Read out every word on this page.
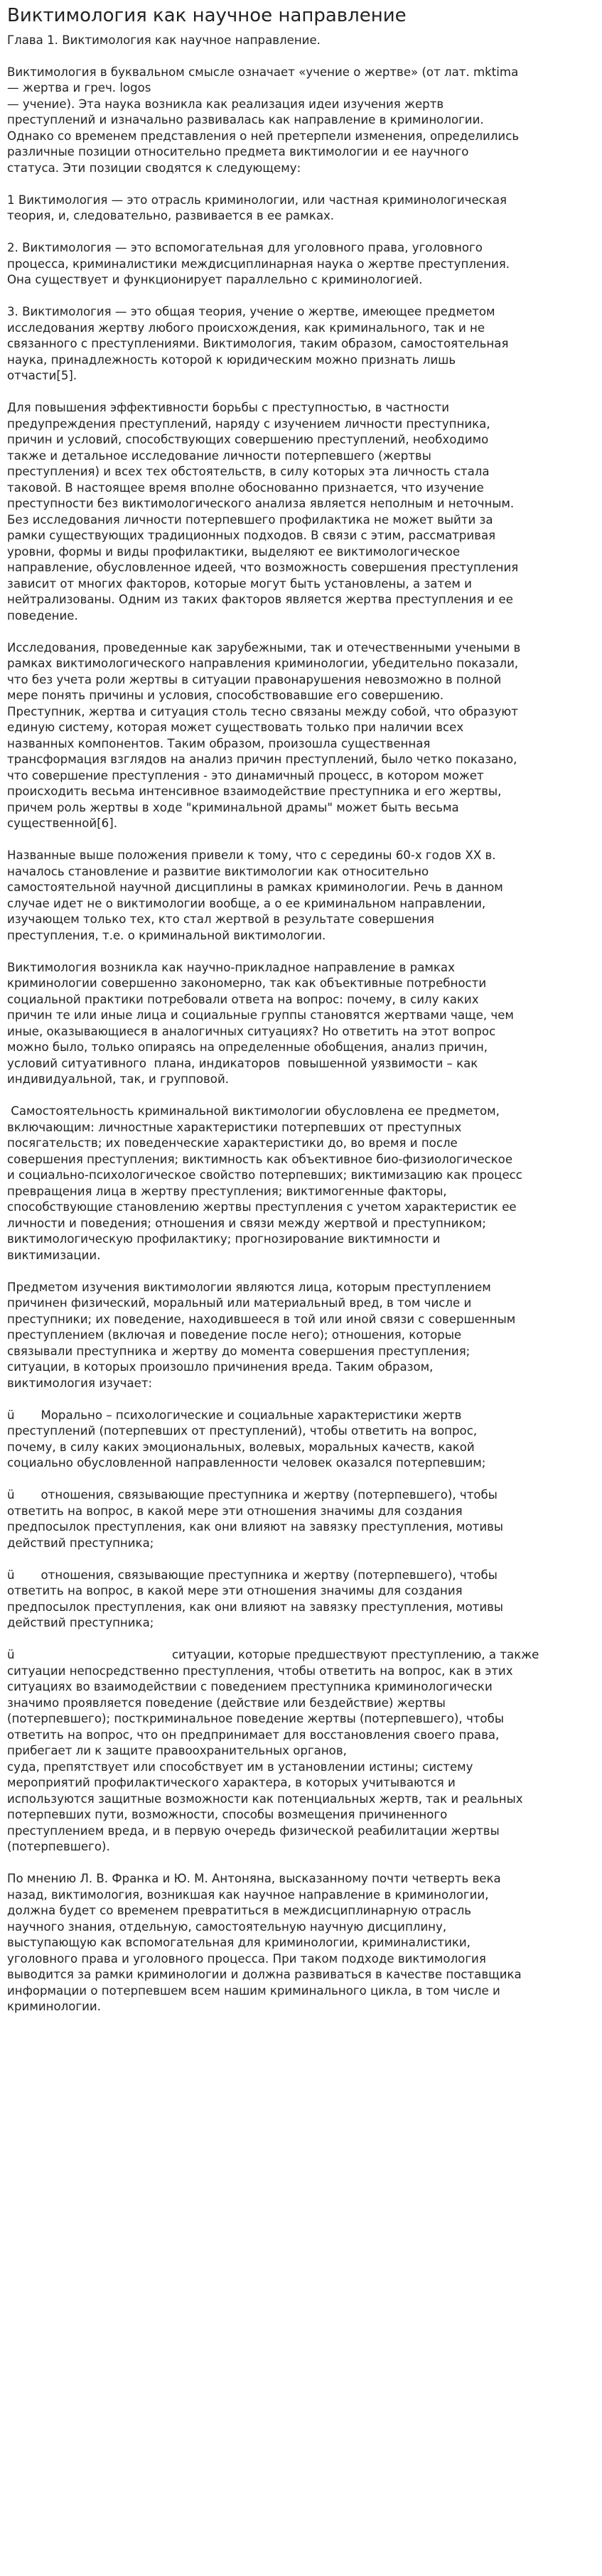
Виктимология как научное направление
Глава 1. Виктимология как научное направление.
Виктимология в буквальном смысле означает «учение о жертве» (от лат. mktima
— жертва и греч. logos
— учение). Эта наука возникла как реализация идеи изучения жертв
преступлений и изначально развивалась как направление в криминологии.
Однако со временем представления о ней претерпели изменения, определились
различные позиции относительно предмета виктимологии и ее научного
статуса. Эти позиции сводятся к следующему:
1 Виктимология — это отрасль криминологии, или частная криминологическая
теория, и, следовательно, развивается в ее рамках.
2. Виктимология — это вспомогательная для уголовного права, уголовного
процесса, криминалистики междисциплинарная наука о жертве преступления.
Она существует и функционирует параллельно с криминологией.
3. Виктимология — это общая теория, учение о жертве, имеющее предметом
исследования жертву любого происхождения, как криминального, так и не
связанного с преступлениями. Виктимология, таким образом, самостоятельная
наука, принадлежность которой к юридическим можно признать лишь
отчасти[5].
Для повышения эффективности борьбы с преступностью, в частности
предупреждения преступлений, наряду с изучением личности преступника,
причин и условий, способствующих совершению преступлений, необходимо
также и детальное исследование личности потерпевшего (жертвы
преступления) и всех тех обстоятельств, в силу которых эта личность стала
таковой. В настоящее время вполне обоснованно признается, что изучение
преступности без виктимологического анализа является неполным и неточным.
Без исследования личности потерпевшего профилактика не может выйти за
рамки существующих традиционных подходов. В связи с этим, рассматривая
уровни, формы и виды профилактики, выделяют ее виктимологическое
направление, обусловленное идеей, что возможность совершения преступления
зависит от многих факторов, которые могут быть установлены, а затем и
нейтрализованы. Одним из таких факторов является жертва преступления и ее
поведение.
Исследования, проведенные как зарубежными, так и отечественными учеными в
рамках виктимологического направления криминологии, убедительно показали,
что без учета роли жертвы в ситуации правонарушения невозможно в полной
мере понять причины и условия, способствовавшие его совершению.
Преступник, жертва и ситуация столь тесно связаны между собой, что образуют
единую систему, которая может существовать только при наличии всех
названных компонентов. Таким образом, произошла существенная
трансформация взглядов на анализ причин преступлений, было четко показано,
что совершение преступления - это динамичный процесс, в котором может
происходить весьма интенсивное взаимодействие преступника и его жертвы,
причем роль жертвы в ходе "криминальной драмы" может быть весьма
существенной[6].
Названные выше положения привели к тому, что с середины 60-х годов XX в.
началось становление и развитие виктимологии как относительно
самостоятельной научной дисциплины в рамках криминологии. Речь в данном
случае идет не о виктимологии вообще, а о ее криминальном направлении,
изучающем только тех, кто стал жертвой в результате совершения
преступления, т.е. о криминальной виктимологии.
Виктимология возникла как научно-прикладное направление в рамках
криминологии совершенно закономерно, так как объективные потребности
социальной практики потребовали ответа на вопрос: почему, в силу каких
причин те или иные лица и социальные группы становятся жертвами чаще, чем
иные, оказывающиеся в аналогичных ситуациях? Но ответить на этот вопрос
можно было, только опираясь на определенные обобщения, анализ причин,
условий ситуативного  плана, индикаторов  повышенной уязвимости – как
индивидуальной, так, и групповой.
Самостоятельность криминальной виктимологии обусловлена ее предметом,
включающим: личностные характеристики потерпевших от преступных
посягательств; их поведенческие характеристики до, во время и после
совершения преступления; виктимность как объективное био-физиологическое
и социально-психологическое свойство потерпевших; виктимизацию как процесс
превращения лица в жертву преступления; виктимогенные факторы,
способствующие становлению жертвы преступления с учетом характеристик ее
личности и поведения; отношения и связи между жертвой и преступником;
виктимологическую профилактику; прогнозирование виктимности и
виктимизации.
Предметом изучения виктимологии являются лица, которым преступлением
причинен физический, моральный или материальный вред, в том числе и
преступники; их поведение, находившееся в той или иной связи с совершенным
преступлением (включая и поведение после него); отношения, которые
связывали преступника и жертву до момента совершения преступления;
ситуации, в которых произошло причинения вреда. Таким образом,
виктимология изучает:
ü       Морально – психологические и социальные характеристики жертв
преступлений (потерпевших от преступлений), чтобы ответить на вопрос,
почему, в силу каких эмоциональных, волевых, моральных качеств, какой
социально обусловленной направленности человек оказался потерпевшим;
ü       отношения, связывающие преступника и жертву (потерпевшего), чтобы
ответить на вопрос, в какой мере эти отношения значимы для создания
предпосылок преступления, как они влияют на завязку преступления, мотивы
действий преступника;
ü       отношения, связывающие преступника и жертву (потерпевшего), чтобы
ответить на вопрос, в какой мере эти отношения значимы для создания
предпосылок преступления, как они влияют на завязку преступления, мотивы
действий преступника;
ü                                          ситуации, которые предшествуют преступлению, а также
ситуации непосредственно преступления, чтобы ответить на вопрос, как в этих
ситуациях во взаимодействии с поведением преступника криминологически
значимо проявляется поведение (действие или бездействие) жертвы
(потерпевшего); посткриминальное поведение жертвы (потерпевшего), чтобы
ответить на вопрос, что он предпринимает для восстановления своего права,
прибегает ли к защите правоохранительных органов,
суда, препятствует или способствует им в установлении истины; систему
мероприятий профилактического характера, в которых учитываются и
используются защитные возможности как потенциальных жертв, так и реальных
потерпевших пути, возможности, способы возмещения причиненного
преступлением вреда, и в первую очередь физической реабилитации жертвы
(потерпевшего).
По мнению Л. В. Франка и Ю. М. Антоняна, высказанному почти четверть века
назад, виктимология, возникшая как научное направление в криминологии,
должна будет со временем превратиться в междисциплинарную отрасль
научного знания, отдельную, самостоятельную научную дисциплину,
выступающую как вспомогательная для криминологии, криминалистики,
уголовного права и уголовного процесса. При таком подходе виктимология
выводится за рамки криминологии и должна развиваться в качестве поставщика
информации о потерпевшем всем нашим криминального цикла, в том числе и
криминологии.
